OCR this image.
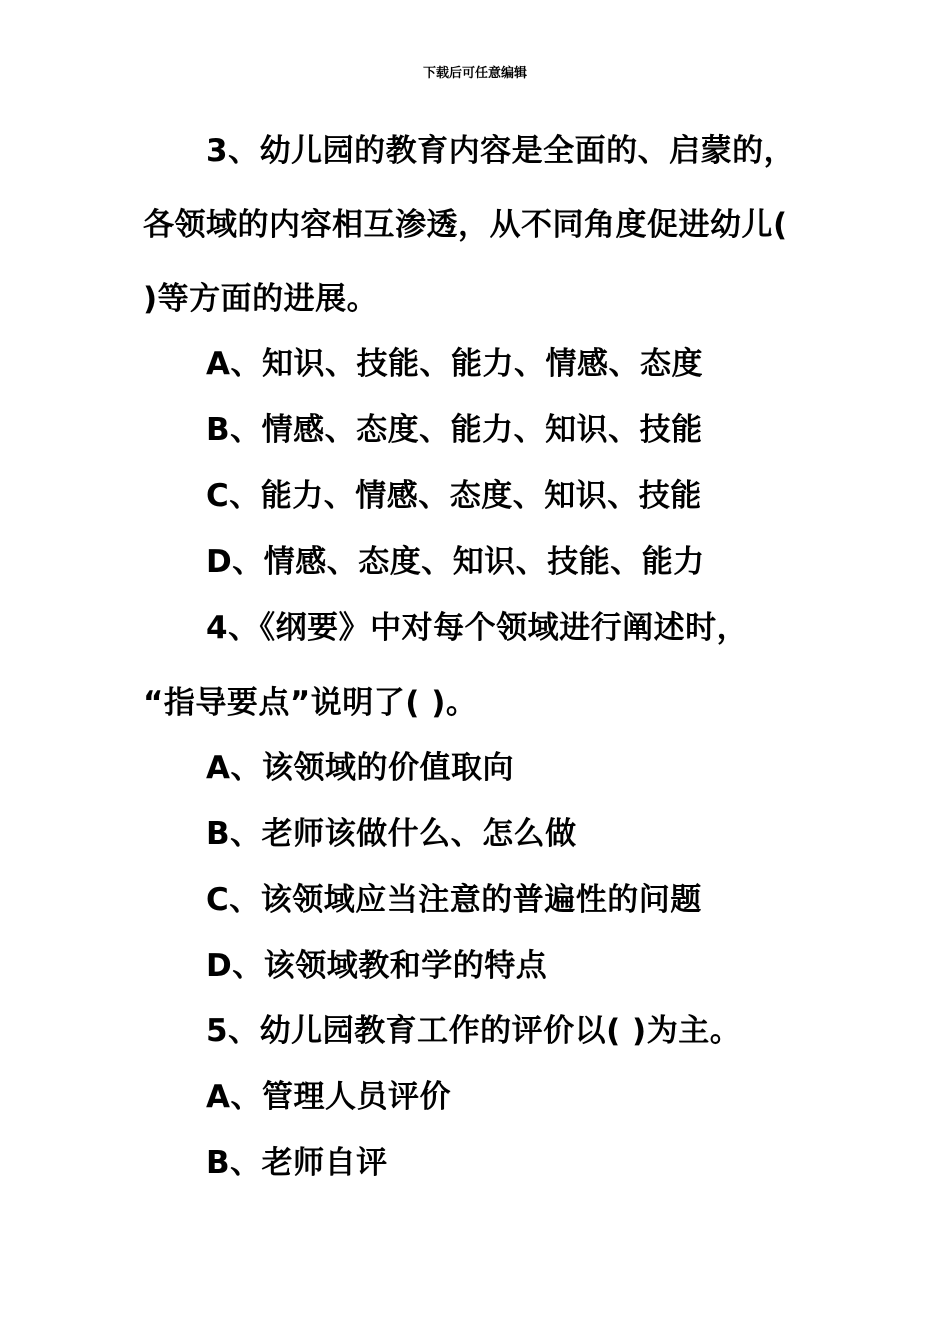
下载后可任意编辑
3、幼儿园的教育内容是全面的、启蒙的，
各领域的内容相互渗透，从不同角度促进幼儿(
)等方面的进展。
A、知识、技能、能力、情感、态度
B、情感、态度、能力、知识、技能
C、能力、情感、态度、知识、技能
D、情感、态度、知识、技能、能力
4、《纲要》中对每个领域进行阐述时，
“指导要点”说明了( )。
A、该领域的价值取向
B、老师该做什么、怎么做
C、该领域应当注意的普遍性的问题
D、该领域教和学的特点
5、幼儿园教育工作的评价以( )为主。
A、管理人员评价
B、老师自评
